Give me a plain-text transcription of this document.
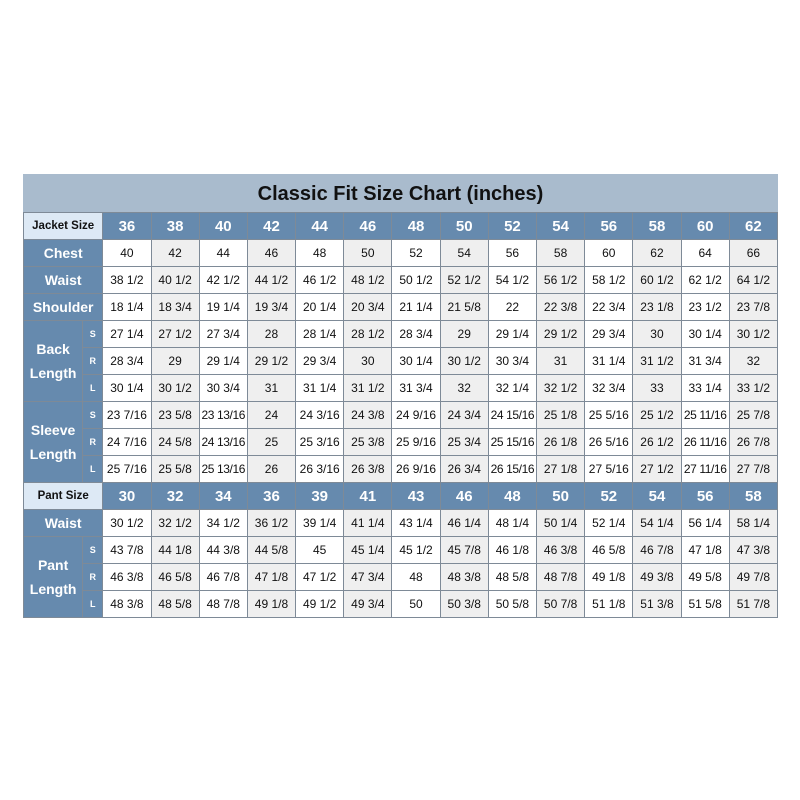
Classic Fit Size Chart (inches)
Jacket Size		36	38	40	42	44	46	48	50	52	54	56	58	60	62
Chest		40	42	44	46	48	50	52	54	56	58	60	62	64	66
Waist		38 1/2	40 1/2	42 1/2	44 1/2	46 1/2	48 1/2	50 1/2	52 1/2	54 1/2	56 1/2	58 1/2	60 1/2	62 1/2	64 1/2
Shoulder		18 1/4	18 3/4	19 1/4	19 3/4	20 1/4	20 3/4	21 1/4	21 5/8	22	22 3/8	22 3/4	23 1/8	23 1/2	23 7/8

Back
Length	S	27 1/4	27 1/2	27 3/4	28	28 1/4	28 1/2	28 3/4	29	29 1/4	29 1/2	29 3/4	30	30 1/4	30 1/2
	R	28 3/4	29	29 1/4	29 1/2	29 3/4	30	30 1/4	30 1/2	30 3/4	31	31 1/4	31 1/2	31 3/4	32
	L	30 1/4	30 1/2	30 3/4	31	31 1/4	31 1/2	31 3/4	32	32 1/4	32 1/2	32 3/4	33	33 1/4	33 1/2

Sleeve
Length	S	23 7/16	23 5/8	23 13/16	24	24 3/16	24 3/8	24 9/16	24 3/4	24 15/16	25 1/8	25 5/16	25 1/2	25 11/16	25 7/8
	R	24 7/16	24 5/8	24 13/16	25	25 3/16	25 3/8	25 9/16	25 3/4	25 15/16	26 1/8	26 5/16	26 1/2	26 11/16	26 7/8
	L	25 7/16	25 5/8	25 13/16	26	26 3/16	26 3/8	26 9/16	26 3/4	26 15/16	27 1/8	27 5/16	27 1/2	27 11/16	27 7/8
Pant Size		30	32	34	36	39	41	43	46	48	50	52	54	56	58
Waist		30 1/2	32 1/2	34 1/2	36 1/2	39 1/4	41 1/4	43 1/4	46 1/4	48 1/4	50 1/4	52 1/4	54 1/4	56 1/4	58 1/4

Pant
Length	S	43 7/8	44 1/8	44 3/8	44 5/8	45	45 1/4	45 1/2	45 7/8	46 1/8	46 3/8	46 5/8	46 7/8	47 1/8	47 3/8
	R	46 3/8	46 5/8	46 7/8	47 1/8	47 1/2	47 3/4	48	48 3/8	48 5/8	48 7/8	49 1/8	49 3/8	49 5/8	49 7/8
	L	48 3/8	48 5/8	48 7/8	49 1/8	49 1/2	49 3/4	50	50 3/8	50 5/8	50 7/8	51 1/8	51 3/8	51 5/8	51 7/8
